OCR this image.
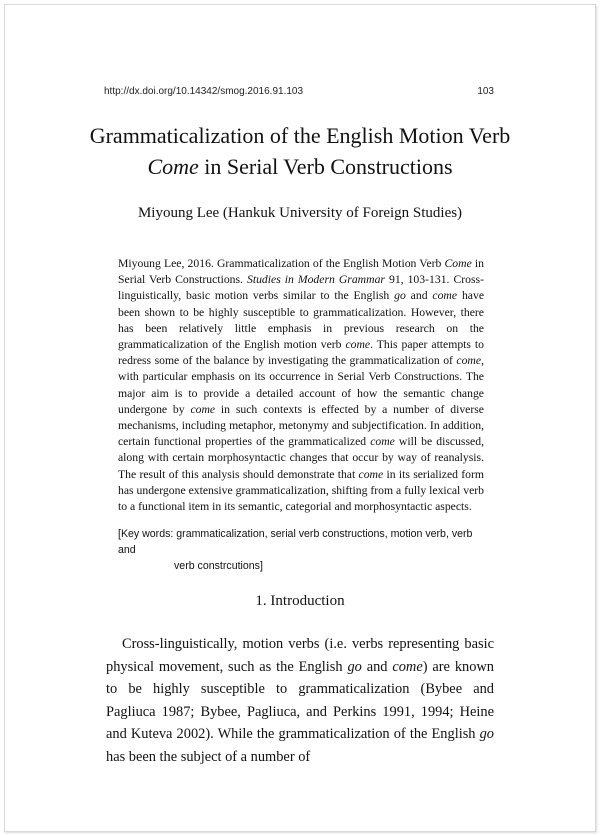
http://dx.doi.org/10.14342/smog.2016.91.103	103
Grammaticalization of the English Motion Verb
Come in Serial Verb Constructions
Miyoung Lee (Hankuk University of Foreign Studies)
Miyoung Lee, 2016. Grammaticalization of the English Motion Verb Come in Serial Verb Constructions. Studies in Modern Grammar 91, 103-131. Cross-linguistically, basic motion verbs similar to the English go and come have been shown to be highly susceptible to grammaticalization. However, there has been relatively little emphasis in previous research on the grammaticalization of the English motion verb come. This paper attempts to redress some of the balance by investigating the grammaticalization of come, with particular emphasis on its occurrence in Serial Verb Constructions. The major aim is to provide a detailed account of how the semantic change undergone by come in such contexts is effected by a number of diverse mechanisms, including metaphor, metonymy and subjectification. In addition, certain functional properties of the grammaticalized come will be discussed, along with certain morphosyntactic changes that occur by way of reanalysis. The result of this analysis should demonstrate that come in its serialized form has undergone extensive grammaticalization, shifting from a fully lexical verb to a functional item in its semantic, categorial and morphosyntactic aspects.
[Key words: grammaticalization, serial verb constructions, motion verb, verb and
verb constrcutions]
1. Introduction
Cross-linguistically, motion verbs (i.e. verbs representing basic physical movement, such as the English go and come) are known to be highly susceptible to grammaticalization (Bybee and Pagliuca 1987; Bybee, Pagliuca, and Perkins 1991, 1994; Heine and Kuteva 2002). While the grammaticalization of the English go has been the subject of a number of
